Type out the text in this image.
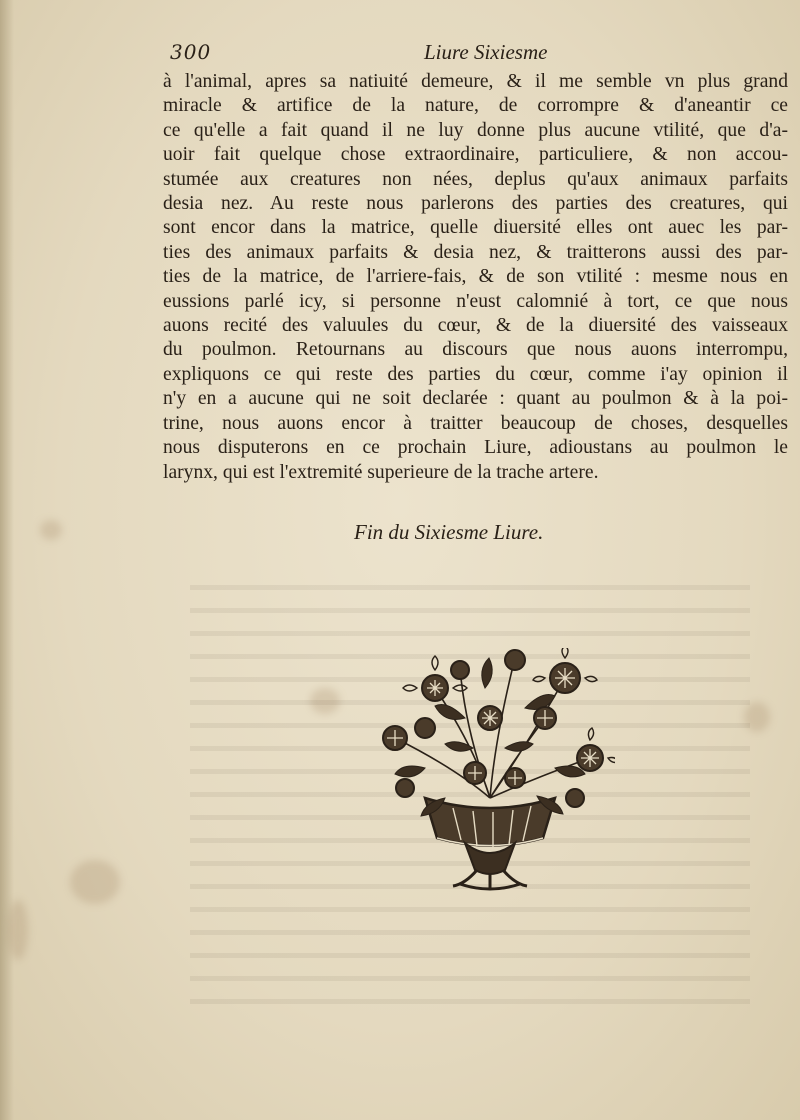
300	Liure Sixiesme
à l'animal, apres sa natiuité demeure, & il me semble vn plus grand
miracle & artifice de la nature, de corrompre & d'aneantir ce
ce qu'elle a fait quand il ne luy donne plus aucune vtilité, que d'a-
uoir fait quelque chose extraordinaire, particuliere, & non accou-
stumée aux creatures non nées, deplus qu'aux animaux parfaits
desia nez. Au reste nous parlerons des parties des creatures, qui
sont encor dans la matrice, quelle diuersité elles ont auec les par-
ties des animaux parfaits & desia nez, & traitterons aussi des par-
ties de la matrice, de l'arriere-fais, & de son vtilité : mesme nous en
eussions parlé icy, si personne n'eust calomnié à tort, ce que nous
auons recité des valuules du cœur, & de la diuersité des vaisseaux
du poulmon. Retournans au discours que nous auons interrompu,
expliquons ce qui reste des parties du cœur, comme i'ay opinion il
n'y en a aucune qui ne soit declarée : quant au poulmon & à la poi-
trine, nous auons encor à traitter beaucoup de choses, desquelles
nous disputerons en ce prochain Liure, adioustans au poulmon le
larynx, qui est l'extremité superieure de la trache artere.
Fin du Sixiesme Liure.
